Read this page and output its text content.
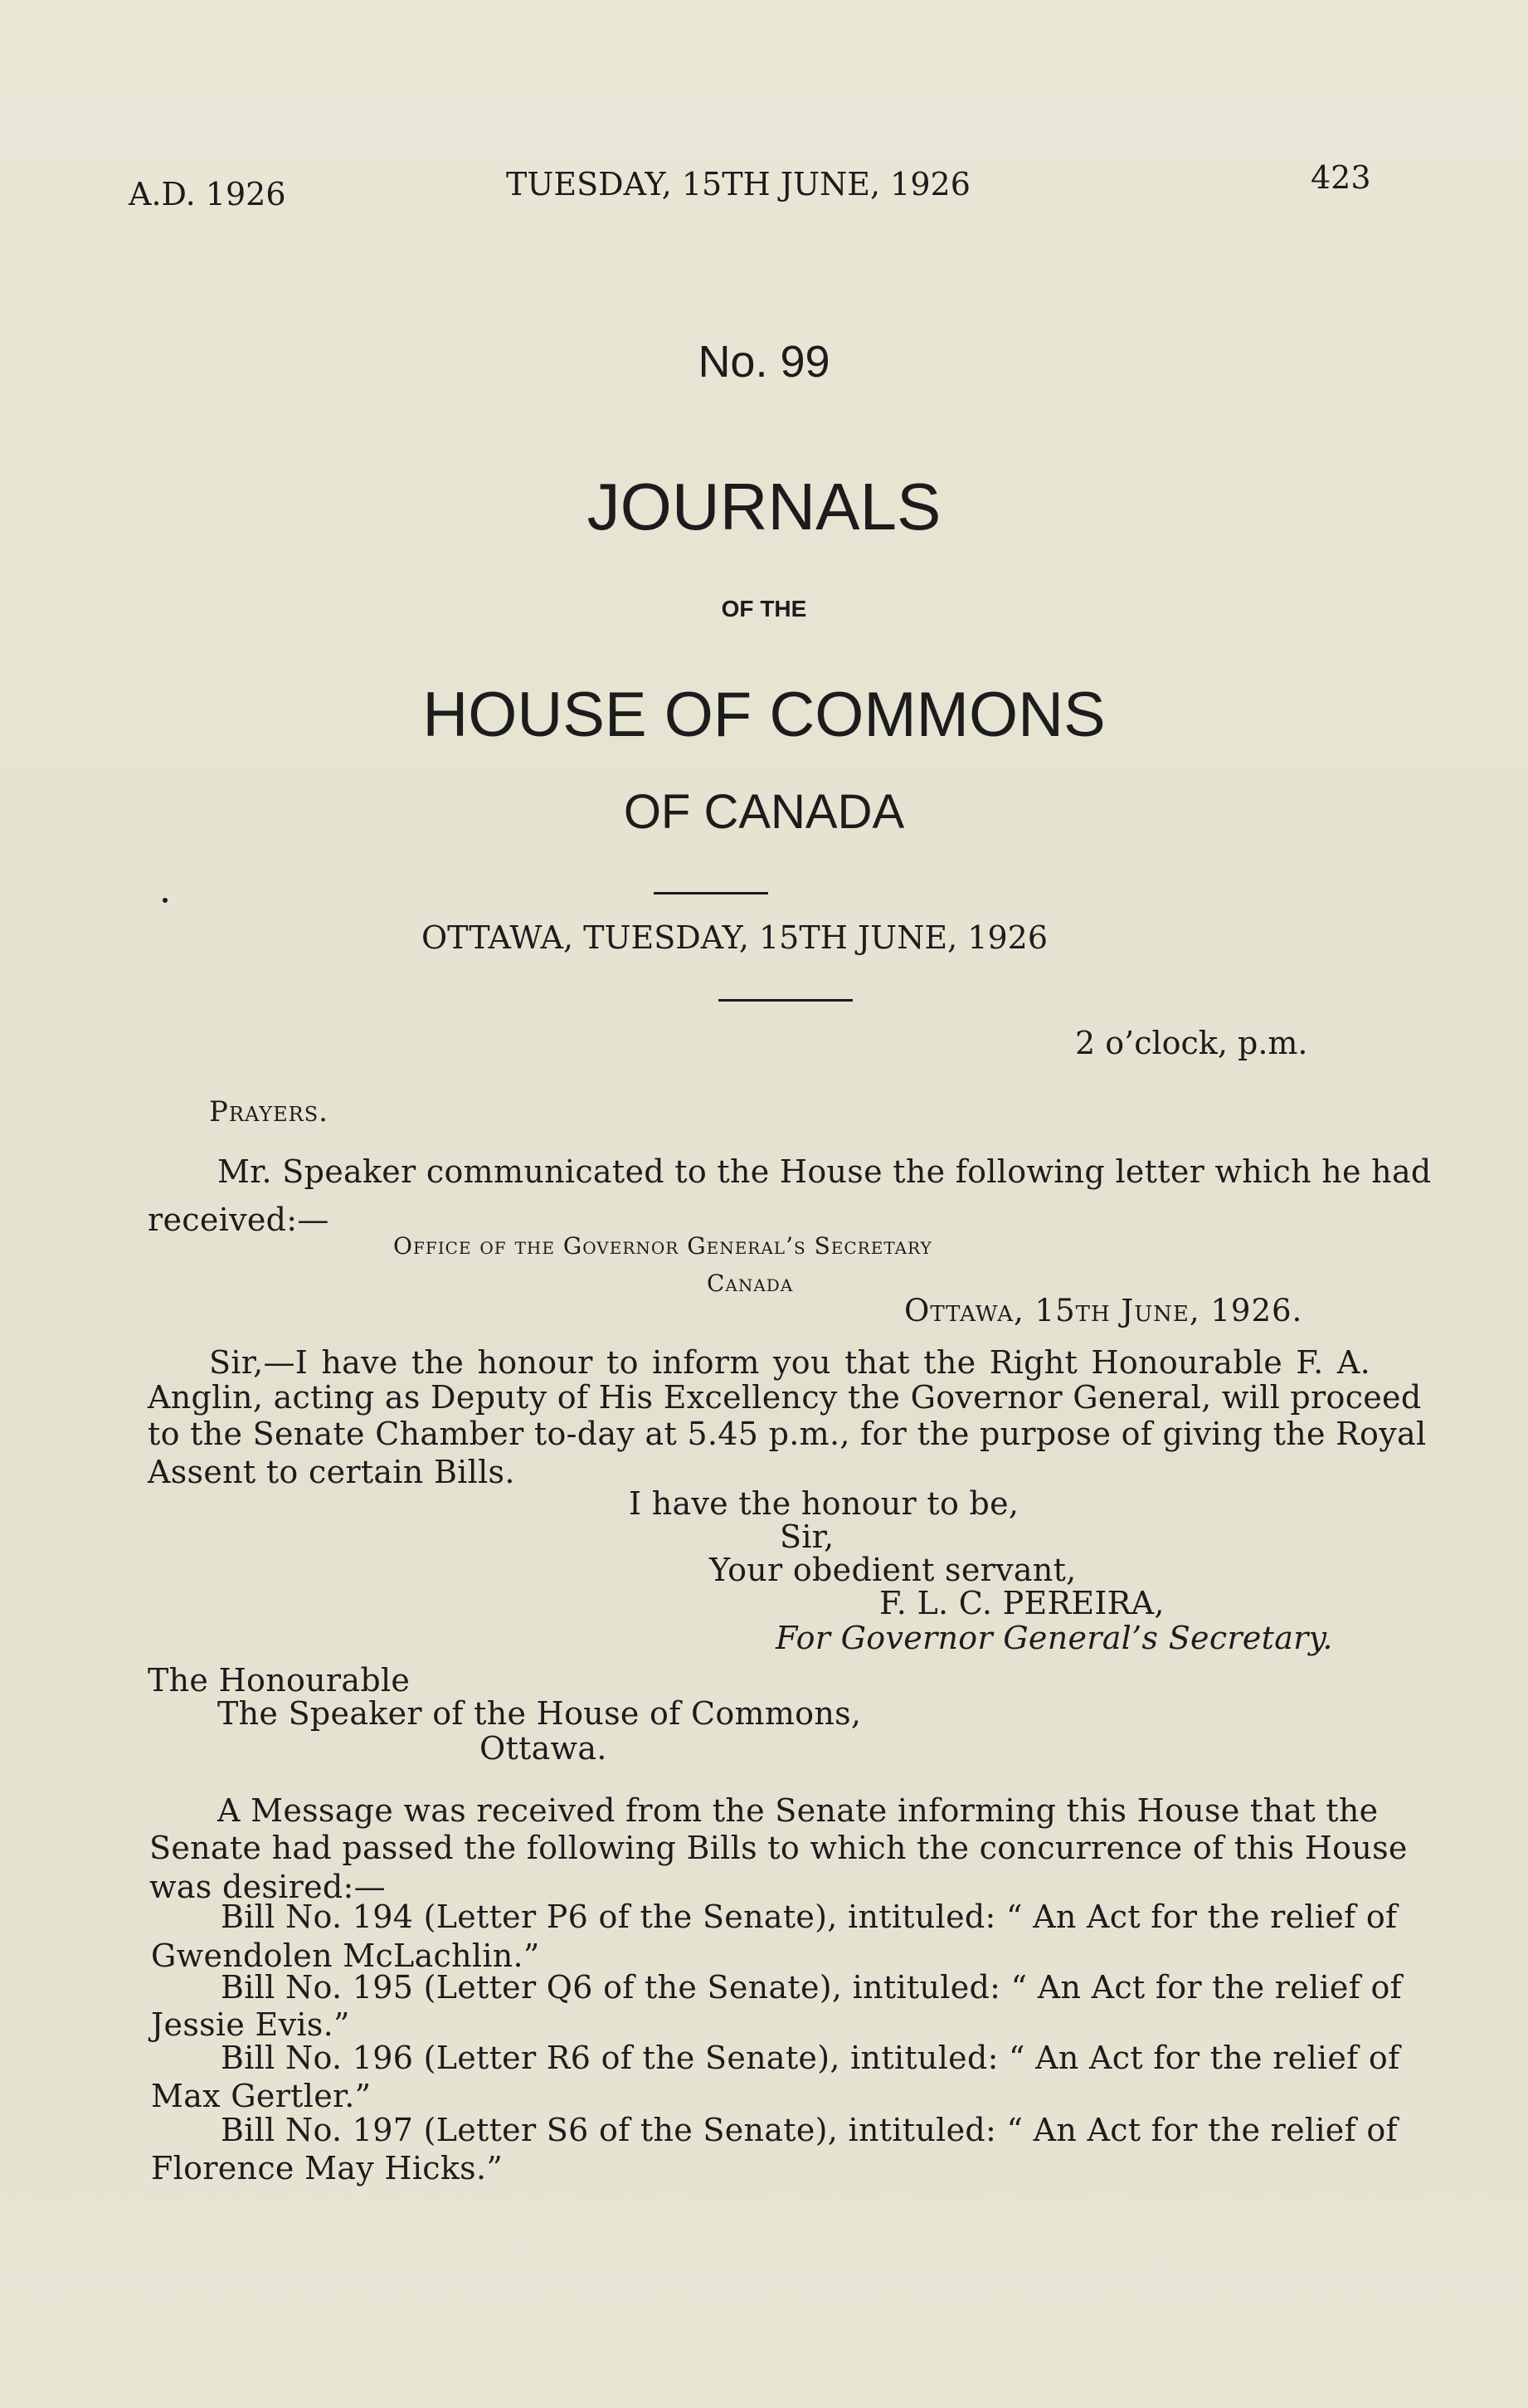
A.D. 1926	TUESDAY, 15TH JUNE, 1926	423
No. 99
JOURNALS
OF THE
HOUSE OF COMMONS
OF CANADA
OTTAWA, TUESDAY, 15TH JUNE, 1926
2 o’clock, p.m.
Prayers.
Mr. Speaker communicated to the House the following letter which he had
received:—
Office of the Governor General’s Secretary
Canada
Ottawa, 15th June, 1926.
Sir,—I have the honour to inform you that the Right Honourable F. A.
Anglin, acting as Deputy of His Excellency the Governor General, will proceed
to the Senate Chamber to-day at 5.45 p.m., for the purpose of giving the Royal
Assent to certain Bills.
I have the honour to be,
Sir,
Your obedient servant,
F. L. C. PEREIRA,
For Governor General’s Secretary.
The Honourable
The Speaker of the House of Commons,
Ottawa.
A Message was received from the Senate informing this House that the
Senate had passed the following Bills to which the concurrence of this House
was desired:—
Bill No. 194 (Letter P6 of the Senate), intituled: “ An Act for the relief of
Gwendolen McLachlin.”
Bill No. 195 (Letter Q6 of the Senate), intituled: “ An Act for the relief of
Jessie Evis.”
Bill No. 196 (Letter R6 of the Senate), intituled: “ An Act for the relief of
Max Gertler.”
Bill No. 197 (Letter S6 of the Senate), intituled: “ An Act for the relief of
Florence May Hicks.”
